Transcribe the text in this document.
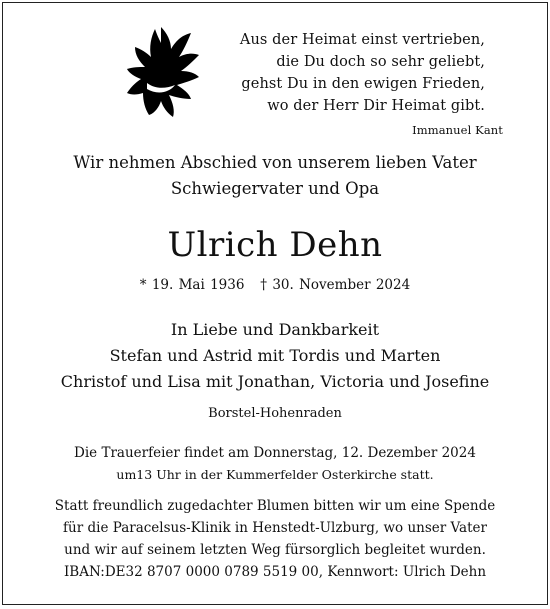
Aus der Heimat einst vertrieben,
die Du doch so sehr geliebt,
gehst Du in den ewigen Frieden,
wo der Herr Dir Heimat gibt.
Immanuel Kant
Wir nehmen Abschied von unserem lieben Vater
Schwiegervater und Opa
Ulrich Dehn
* 19. Mai 1936 † 30. November 2024
In Liebe und Dankbarkeit
Stefan und Astrid mit Tordis und Marten
Christof und Lisa mit Jonathan, Victoria und Josefine
Borstel-Hohenraden
Die Trauerfeier findet am Donnerstag, 12. Dezember 2024
um13 Uhr in der Kummerfelder Osterkirche statt.
Statt freundlich zugedachter Blumen bitten wir um eine Spende
für die Paracelsus-Klinik in Henstedt-Ulzburg, wo unser Vater
und wir auf seinem letzten Weg fürsorglich begleitet wurden.
IBAN:DE32 8707 0000 0789 5519 00, Kennwort: Ulrich Dehn
